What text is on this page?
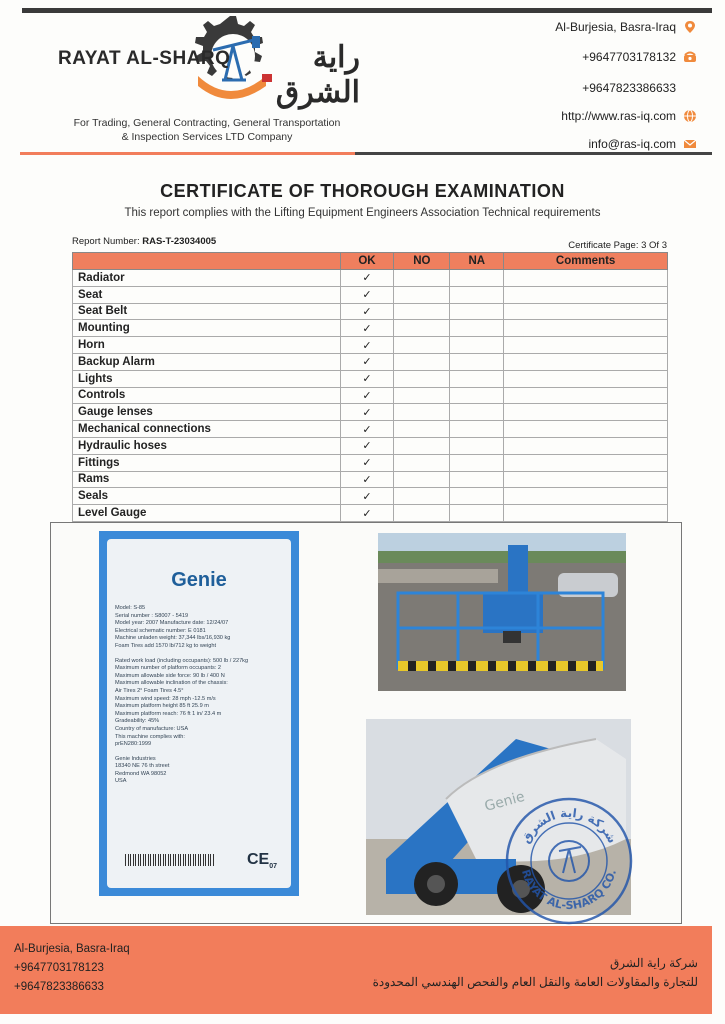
RAYAT AL-SHARQ	راية الشرق
For Trading, General Contracting, General Transportation
& Inspection Services LTD Company
Al-Burjesia, Basra-Iraq
+9647703178132
+9647823386633
http://www.ras-iq.com
info@ras-iq.com
CERTIFICATE OF THOROUGH EXAMINATION
This report complies with the Lifting Equipment Engineers Association Technical requirements
Report Number: RAS-T-23034005	Certificate Page: 3 Of 3
	OK	NO	NA	Comments
Radiator	✓			
Seat	✓			
Seat Belt	✓			
Mounting	✓			
Horn	✓			
Backup Alarm	✓			
Lights	✓			
Controls	✓			
Gauge lenses	✓			
Mechanical connections	✓			
Hydraulic hoses	✓			
Fittings	✓			
Rams	✓			
Seals	✓			
Level Gauge	✓			
Genie
Model: S-85
Serial number : S8007 - 5419
Model year: 2007 Manufacture date: 12/24/07
Electrical schematic number: E 0181
Machine unladen weight: 37,344 lbs/16,930 kg
Foam Tires add 1570 lb/712 kg to weight
Rated work load (including occupants): 500 lb / 227kg
Maximum number of platform occupants: 2
Maximum allowable side force: 90 lb / 400 N
Maximum allowable inclination of the chassis:
Air Tires 2° Foam Tires 4.5°
Maximum wind speed: 28 mph -12.5 m/s
Maximum platform height 85 ft 25.9 m
Maximum platform reach: 76 ft 1 in/ 23.4 m
Gradeability: 45%
Country of manufacture: USA
This machine complies with:
prEN280:1999
Genie Industries
18340 NE 76 th street
Redmond WA 98052
USA
$CE_{07}$
Genie
شركة راية الشرق
RAYAT AL-SHARQ CO.
Al-Burjesia, Basra-Iraq
+9647703178123
+9647823386633
شركة راية الشرق
للتجارة والمقاولات العامة والنقل العام والفحص الهندسي المحدودة
